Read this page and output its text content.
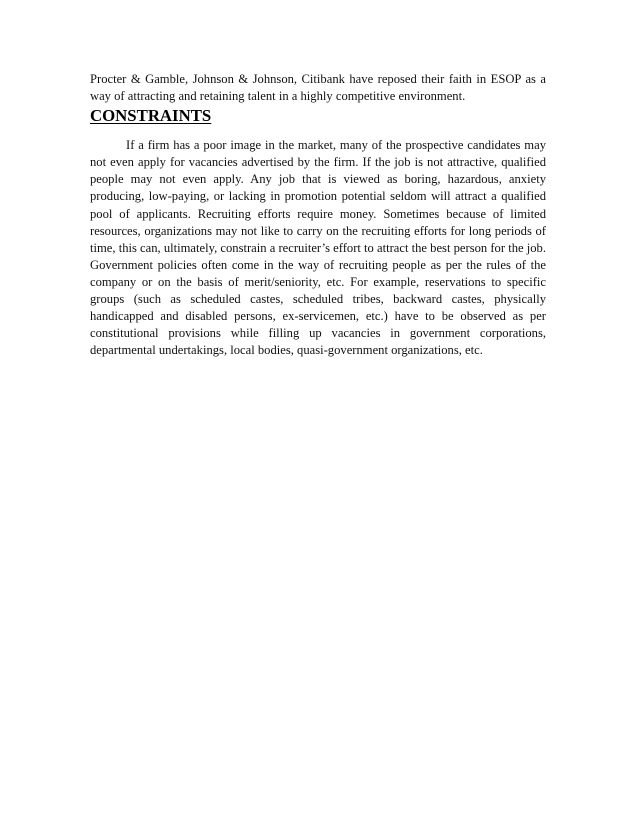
Procter & Gamble, Johnson & Johnson, Citibank have reposed their faith in ESOP as a way of attracting and retaining talent in a highly competitive environment.

CONSTRAINTS

If a firm has a poor image in the market, many of the prospective candidates may not even apply for vacancies advertised by the firm. If the job is not attractive, qualified people may not even apply. Any job that is viewed as boring, hazardous, anxiety producing, low-paying, or lacking in promotion potential seldom will attract a qualified pool of applicants. Recruiting efforts require money. Sometimes because of limited resources, organizations may not like to carry on the recruiting efforts for long periods of time, this can, ultimately, constrain a recruiter’s effort to attract the best person for the job. Government policies often come in the way of recruiting people as per the rules of the company or on the basis of merit/seniority, etc. For example, reservations to specific groups (such as scheduled castes, scheduled tribes, backward castes, physically handicapped and disabled persons, ex-servicemen, etc.) have to be observed as per constitutional provisions while filling up vacancies in government corporations, departmental undertakings, local bodies, quasi-government organizations, etc.
